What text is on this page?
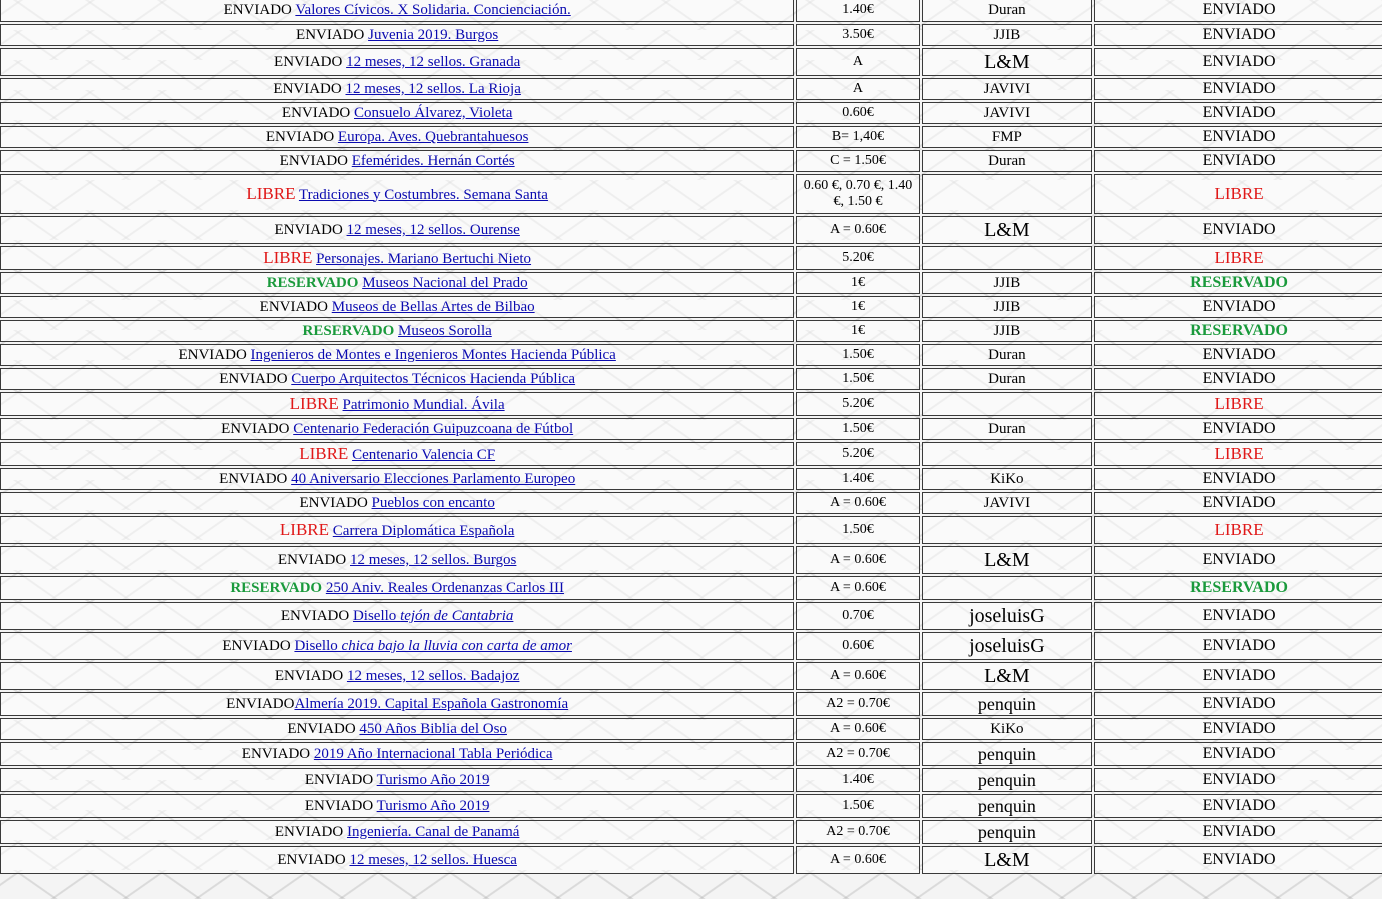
ENVIADO Valores Cívicos. X Solidaria. Concienciación.	1.40€	Duran	ENVIADO
ENVIADO Juvenia 2019. Burgos	3.50€	JJIB	ENVIADO
ENVIADO 12 meses, 12 sellos. Granada	A	L&M	ENVIADO
ENVIADO 12 meses, 12 sellos. La Rioja	A	JAVIVI	ENVIADO
ENVIADO Consuelo Álvarez, Violeta	0.60€	JAVIVI	ENVIADO
ENVIADO Europa. Aves. Quebrantahuesos	B= 1,40€	FMP	ENVIADO
ENVIADO Efemérides. Hernán Cortés	C = 1.50€	Duran	ENVIADO
LIBRE Tradiciones y Costumbres. Semana Santa	0.60 €, 0.70 €, 1.40 €, 1.50 €		LIBRE
ENVIADO 12 meses, 12 sellos. Ourense	A = 0.60€	L&M	ENVIADO
LIBRE Personajes. Mariano Bertuchi Nieto	5.20€		LIBRE
RESERVADO Museos Nacional del Prado	1€	JJIB	RESERVADO
ENVIADO Museos de Bellas Artes de Bilbao	1€	JJIB	ENVIADO
RESERVADO Museos Sorolla	1€	JJIB	RESERVADO
ENVIADO Ingenieros de Montes e Ingenieros Montes Hacienda Pública	1.50€	Duran	ENVIADO
ENVIADO Cuerpo Arquitectos Técnicos Hacienda Pública	1.50€	Duran	ENVIADO
LIBRE Patrimonio Mundial. Ávila	5.20€		LIBRE
ENVIADO Centenario Federación Guipuzcoana de Fútbol	1.50€	Duran	ENVIADO
LIBRE Centenario Valencia CF	5.20€		LIBRE
ENVIADO 40 Aniversario Elecciones Parlamento Europeo	1.40€	KiKo	ENVIADO
ENVIADO Pueblos con encanto	A = 0.60€	JAVIVI	ENVIADO
LIBRE Carrera Diplomática Española	1.50€		LIBRE
ENVIADO 12 meses, 12 sellos. Burgos	A = 0.60€	L&M	ENVIADO
RESERVADO 250 Aniv. Reales Ordenanzas Carlos III	A = 0.60€		RESERVADO
ENVIADO Disello tejón de Cantabria	0.70€	joseluisG	ENVIADO
ENVIADO Disello chica bajo la lluvia con carta de amor	0.60€	joseluisG	ENVIADO
ENVIADO 12 meses, 12 sellos. Badajoz	A = 0.60€	L&M	ENVIADO
ENVIADOAlmería 2019. Capital Española Gastronomía	A2 = 0.70€	penquin	ENVIADO
ENVIADO 450 Años Biblia del Oso	A = 0.60€	KiKo	ENVIADO
ENVIADO 2019 Año Internacional Tabla Periódica	A2 = 0.70€	penquin	ENVIADO
ENVIADO Turismo Año 2019	1.40€	penquin	ENVIADO
ENVIADO Turismo Año 2019	1.50€	penquin	ENVIADO
ENVIADO Ingeniería. Canal de Panamá	A2 = 0.70€	penquin	ENVIADO
ENVIADO 12 meses, 12 sellos. Huesca	A = 0.60€	L&M	ENVIADO
